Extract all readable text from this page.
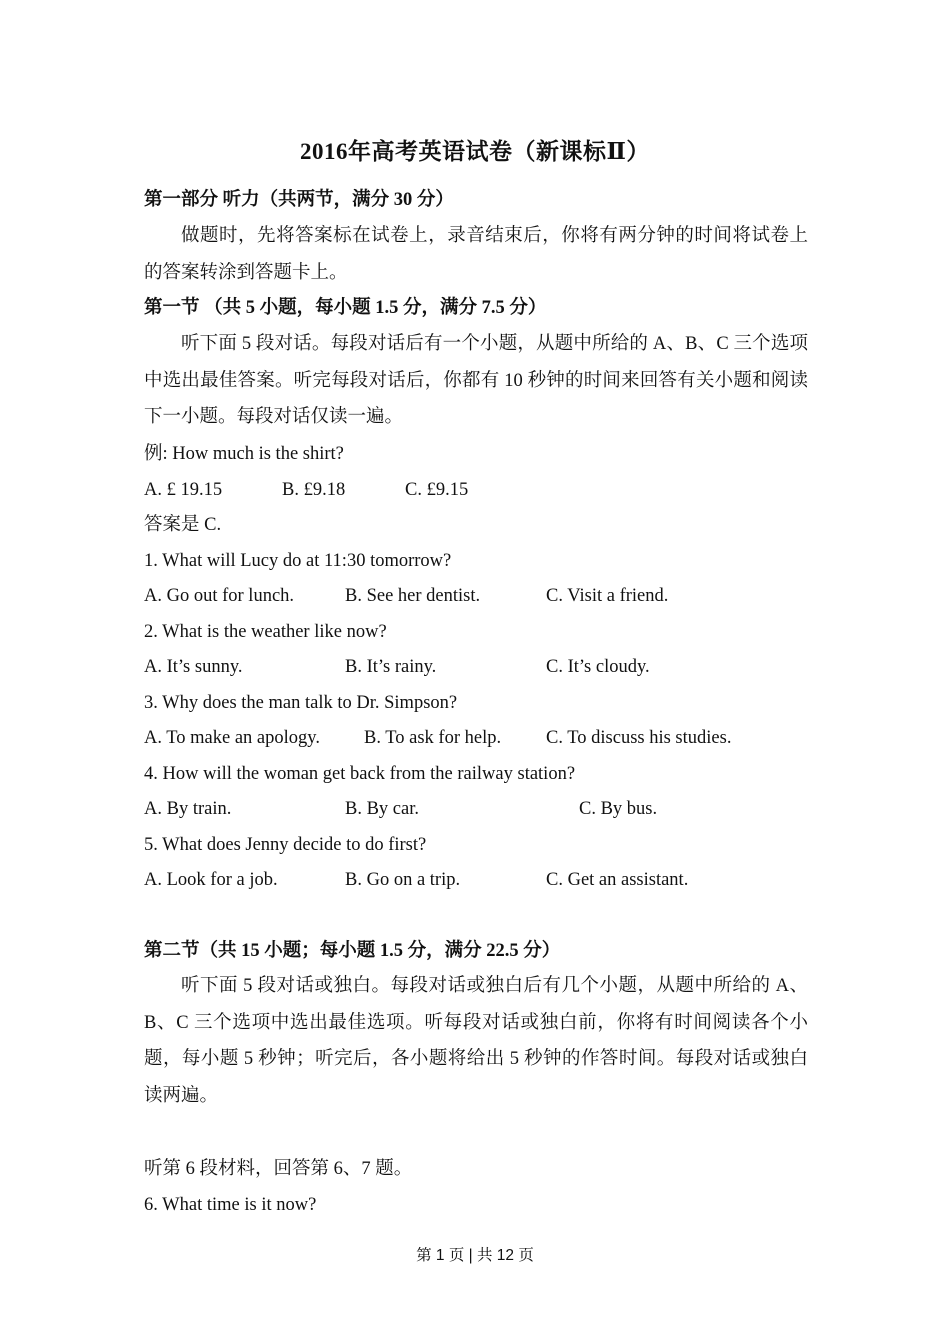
2016年高考英语试卷（新课标Ⅱ）
第一部分 听力（共两节，满分 30 分）
做题时，先将答案标在试卷上，录音结束后，你将有两分钟的时间将试卷上的答案转涂到答题卡上。
第一节 （共 5 小题，每小题 1.5 分，满分 7.5 分）
听下面 5 段对话。每段对话后有一个小题，从题中所给的 A、B、C 三个选项中选出最佳答案。听完每段对话后，你都有 10 秒钟的时间来回答有关小题和阅读下一小题。每段对话仅读一遍。
例: How much is the shirt?
A. £ 19.15	B. £9.18	C. £9.15
答案是 C.
1. What will Lucy do at 11:30 tomorrow?
A. Go out for lunch.	B. See her dentist.	C. Visit a friend.
2. What is the weather like now?
A. It’s sunny.	B. It’s rainy.	C. It’s cloudy.
3. Why does the man talk to Dr. Simpson?
A. To make an apology. B. To ask for help. C. To discuss his studies.
4. How will the woman get back from the railway station?
A. By train.	B. By car.	C. By bus.
5. What does Jenny decide to do first?
A. Look for a job.	B. Go on a trip.	C. Get an assistant.
第二节（共 15 小题；每小题 1.5 分，满分 22.5 分）
听下面 5 段对话或独白。每段对话或独白后有几个小题，从题中所给的 A、B、C 三个选项中选出最佳选项。听每段对话或独白前，你将有时间阅读各个小题，每小题 5 秒钟；听完后，各小题将给出 5 秒钟的作答时间。每段对话或独白读两遍。
听第 6 段材料，回答第 6、7 题。
6. What time is it now?
第 1 页 | 共 12 页
